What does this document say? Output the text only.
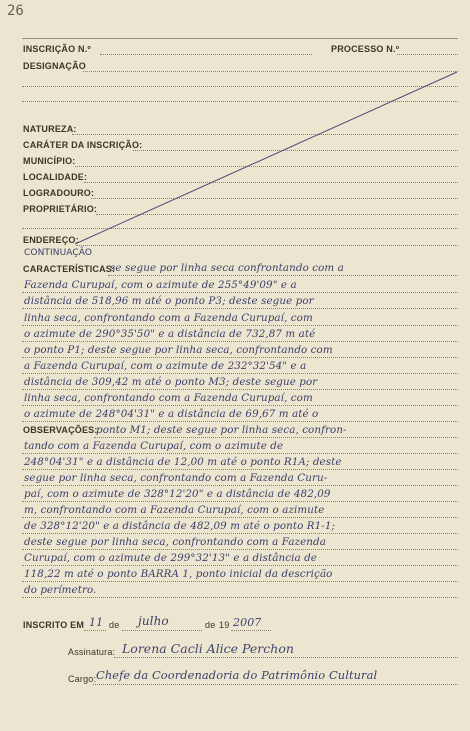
26
INSCRIÇÃO N.º	PROCESSO N.º
DESIGNAÇÃO
NATUREZA:
CARÁTER DA INSCRIÇÃO:
MUNICÍPIO:
LOCALIDADE:
LOGRADOURO:
PROPRIETÁRIO:
ENDEREÇO:
CONTINUAÇÃO
CARACTERÍSTICAS:
OBSERVAÇÕES:
se segue por linha seca confrontando com a
Fazenda Curupaí, com o azimute de 255°49'09" e a
distância de 518,96 m até o ponto P3; deste segue por
linha seca, confrontando com a Fazenda Curupaí, com
o azimute de 290°35'50" e a distância de 732,87 m até
o ponto P1; deste segue por linha seca, confrontando com
a Fazenda Curupaí, com o azimute de 232°32'54" e a
distância de 309,42 m até o ponto M3; deste segue por
linha seca, confrontando com a Fazenda Curupaí, com
o azimute de 248°04'31" e a distância de 69,67 m até o
ponto M1; deste segue por linha seca, confron-
tando com a Fazenda Curupaí, com o azimute de
248°04'31" e a distância de 12,00 m até o ponto R1A; deste
segue por linha seca, confrontando com a Fazenda Curu-
paí, com o azimute de 328°12'20" e a distância de 482,09
m, confrontando com a Fazenda Curupaí, com o azimute
de 328°12'20" e a distância de 482,09 m até o ponto R1-1;
deste segue por linha seca, confrontando com a Fazenda
Curupaí, com o azimute de 299°32'13" e a distância de
118,22 m até o ponto BARRA 1, ponto inicial da descrição
do perímetro.
INSCRITO EM 11 de julho	de 19 2007
Assinatura: Lorena Cacli Alice Perchon
Cargo: Chefe da Coordenadoria do Patrimônio Cultural
